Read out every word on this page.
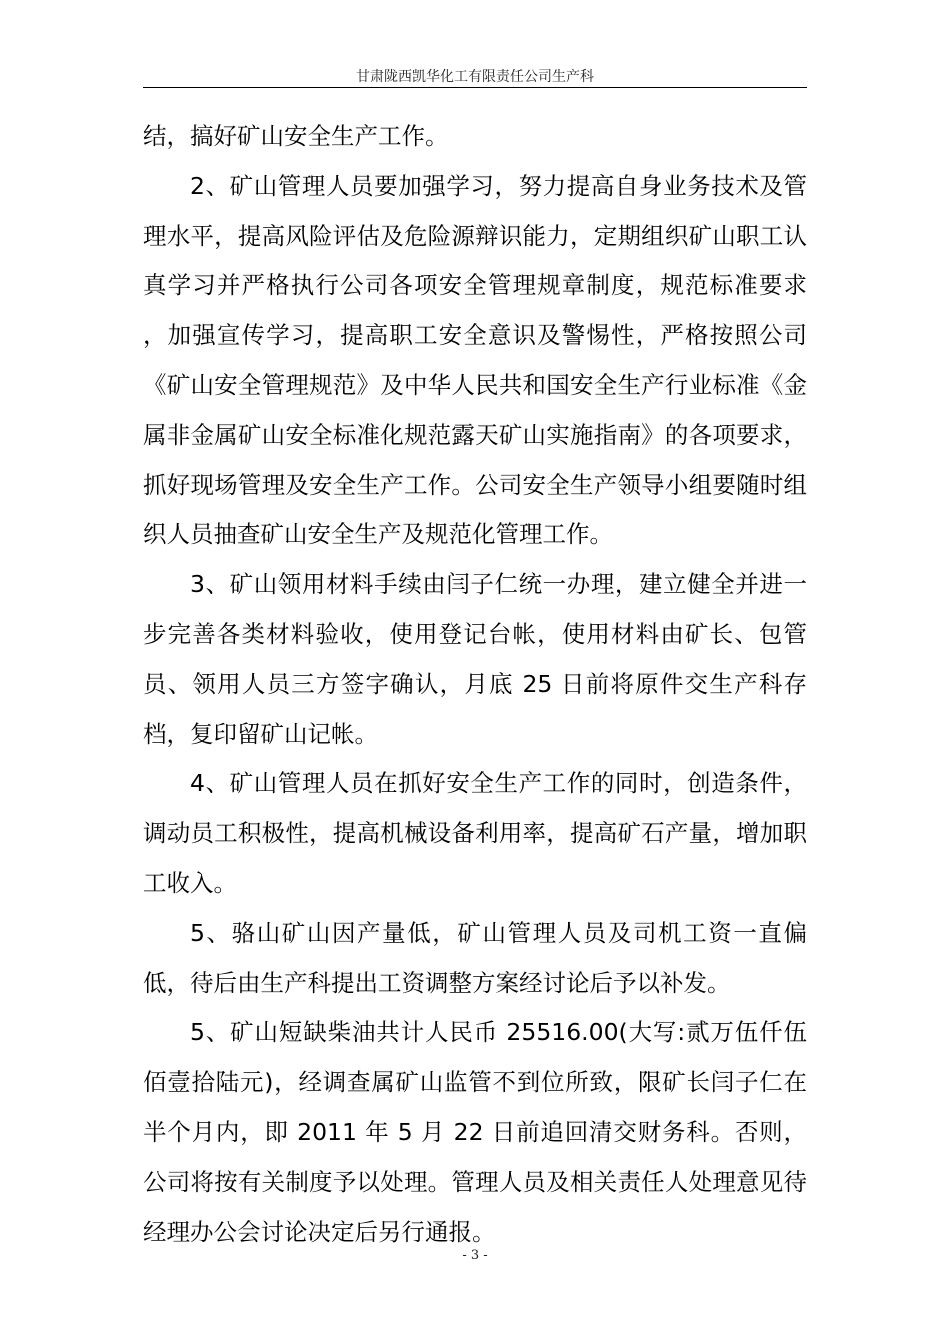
甘肃陇西凯华化工有限责任公司生产科

结，搞好矿山安全生产工作。

2、矿山管理人员要加强学习，努力提高自身业务技术及管理水平，提高风险评估及危险源辩识能力，定期组织矿山职工认真学习并严格执行公司各项安全管理规章制度，规范标准要求 ，加强宣传学习，提高职工安全意识及警惕性，严格按照公司《矿山安全管理规范》及中华人民共和国安全生产行业标准《金属非金属矿山安全标准化规范露天矿山实施指南》的各项要求，抓好现场管理及安全生产工作。公司安全生产领导小组要随时组织人员抽查矿山安全生产及规范化管理工作。

3、矿山领用材料手续由闫子仁统一办理，建立健全并进一步完善各类材料验收，使用登记台帐，使用材料由矿长、包管员、领用人员三方签字确认，月底 25 日前将原件交生产科存档，复印留矿山记帐。

4、矿山管理人员在抓好安全生产工作的同时，创造条件，调动员工积极性，提高机械设备利用率，提高矿石产量，增加职工收入。

5、骆山矿山因产量低，矿山管理人员及司机工资一直偏低，待后由生产科提出工资调整方案经讨论后予以补发。

5、矿山短缺柴油共计人民币 25516.00(大写:贰万伍仟伍佰壹拾陆元)，经调查属矿山监管不到位所致，限矿长闫子仁在半个月内，即 2011 年 5 月 22 日前追回清交财务科。否则，公司将按有关制度予以处理。管理人员及相关责任人处理意见待经理办公会讨论决定后另行通报。

- 3 -
